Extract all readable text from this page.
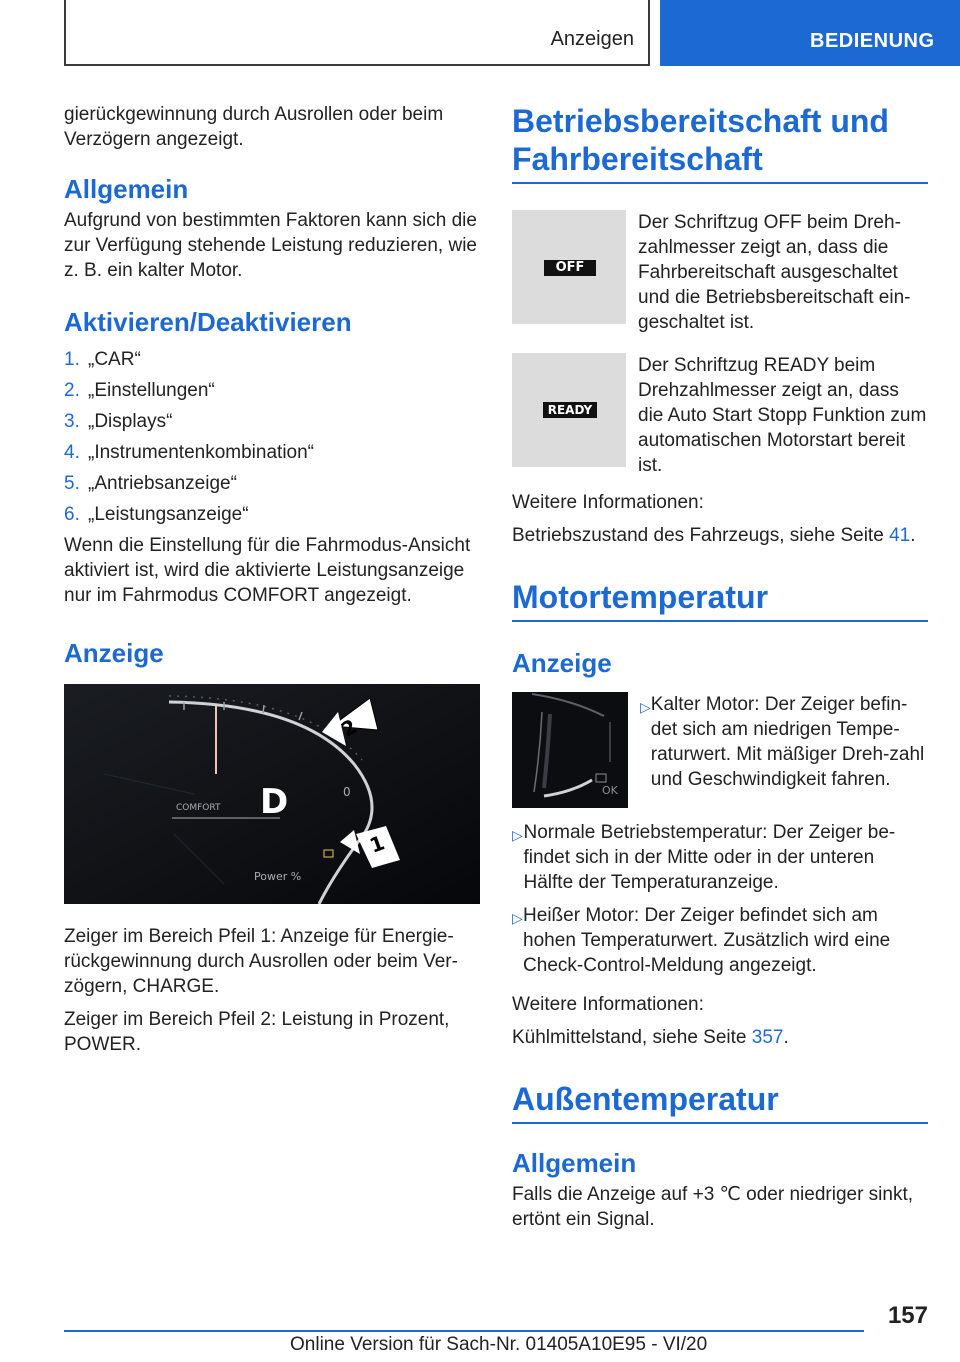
Anzeigen	BEDIENUNG

gierückgewinnung durch Ausrollen oder beim Verzögern angezeigt.

Allgemein

Aufgrund von bestimmten Faktoren kann sich die zur Verfügung stehende Leistung reduzieren, wie z. B. ein kalter Motor.

Aktivieren/Deaktivieren
1. „CAR“
2. „Einstellungen“
3. „Displays“
4. „Instrumentenkombination“
5. „Antriebsanzeige“
6. „Leistungsanzeige“

Wenn die Einstellung für die Fahrmodus-Ansicht aktiviert ist, wird die aktivierte Leistungsanzeige nur im Fahrmodus COMFORT angezeigt.

Anzeige
COMFORT D	0
Power %
2
1

Zeiger im Bereich Pfeil 1: Anzeige für Energie-rückgewinnung durch Ausrollen oder beim Ver-zögern, CHARGE.

Zeiger im Bereich Pfeil 2: Leistung in Prozent, POWER.

Betriebsbereitschaft und Fahrbereitschaft
OFF

Der Schriftzug OFF beim Dreh-zahlmesser zeigt an, dass die Fahrbereitschaft ausgeschaltet und die Betriebsbereitschaft ein-geschaltet ist.

READY

Der Schriftzug READY beim Drehzahlmesser zeigt an, dass die Auto Start Stopp Funktion zum automatischen Motorstart bereit ist.

Weitere Informationen:

Betriebszustand des Fahrzeugs, siehe Seite 41.

Motortemperatur
Anzeige
OK
▷ Kalter Motor: Der Zeiger befin-det sich am niedrigen Tempe-raturwert. Mit mäßiger Dreh-zahl und Geschwindigkeit fahren.
▷ Normale Betriebstemperatur: Der Zeiger be-findet sich in der Mitte oder in der unteren Hälfte der Temperaturanzeige.
▷ Heißer Motor: Der Zeiger befindet sich am hohen Temperaturwert. Zusätzlich wird eine Check-Control-Meldung angezeigt.

Weitere Informationen:

Kühlmittelstand, siehe Seite 357.

Außentemperatur
Allgemein

Falls die Anzeige auf +3 ℃ oder niedriger sinkt, ertönt ein Signal.

157
Online Version für Sach-Nr. 01405A10E95 - VI/20
